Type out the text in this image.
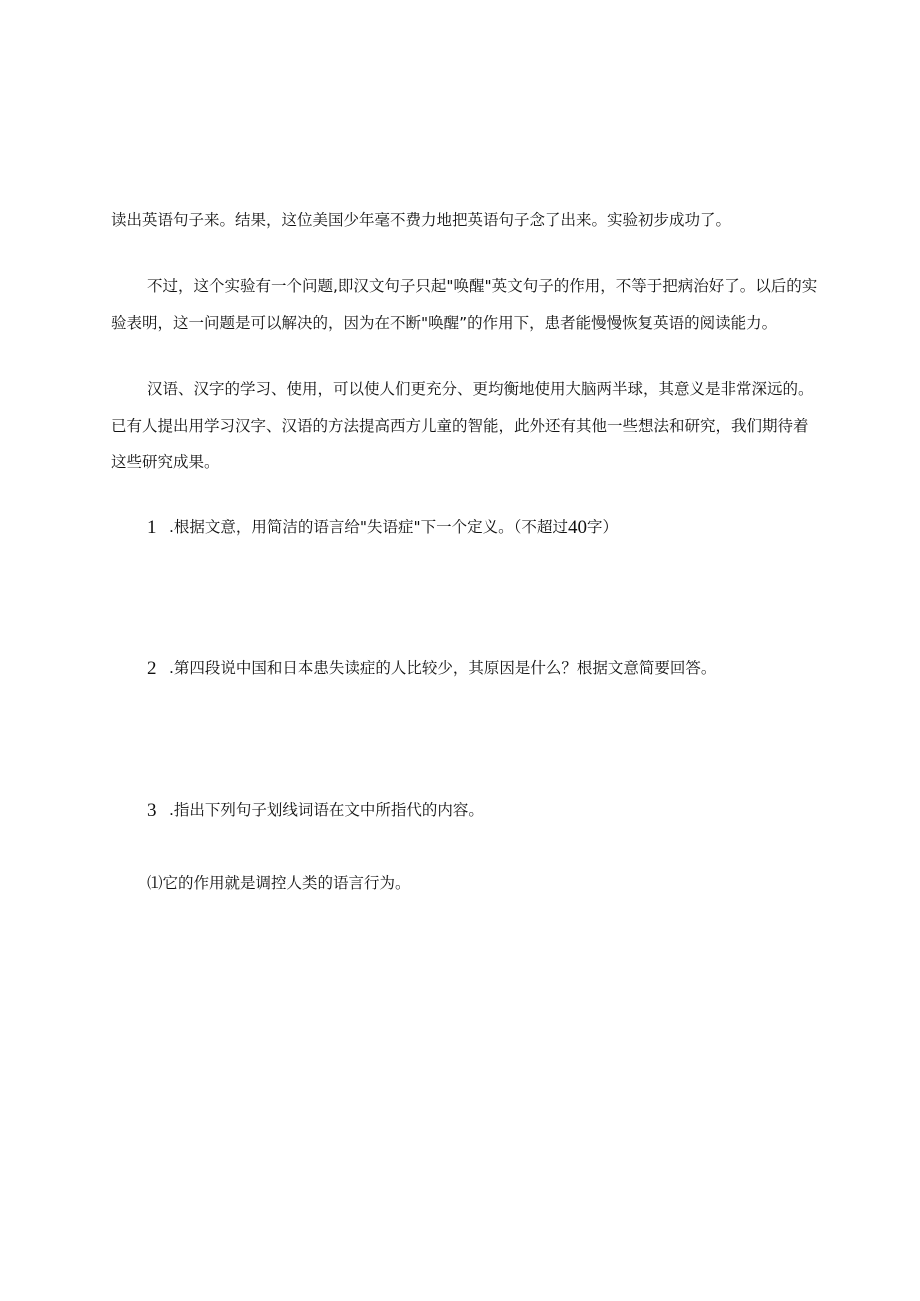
读出英语句子来。结果，这位美国少年毫不费力地把英语句子念了出来。实验初步成功了。
不过，这个实验有一个问题,即汉文句子只起"唤醒"英文句子的作用，不等于把病治好了。以后的实
验表明，这一问题是可以解决的，因为在不断"唤醒”的作用下，患者能慢慢恢复英语的阅读能力。
汉语、汉字的学习、使用，可以使人们更充分、更均衡地使用大脑两半球，其意义是非常深远的。
已有人提出用学习汉字、汉语的方法提高西方儿童的智能，此外还有其他一些想法和研究，我们期待着
这些研究成果。
1 .根据文意，用简洁的语言给"失语症"下一个定义。（不超过40字）
2 .第四段说中国和日本患失读症的人比较少，其原因是什么？根据文意简要回答。
3 .指出下列句子划线词语在文中所指代的内容。
⑴它的作用就是调控人类的语言行为。
